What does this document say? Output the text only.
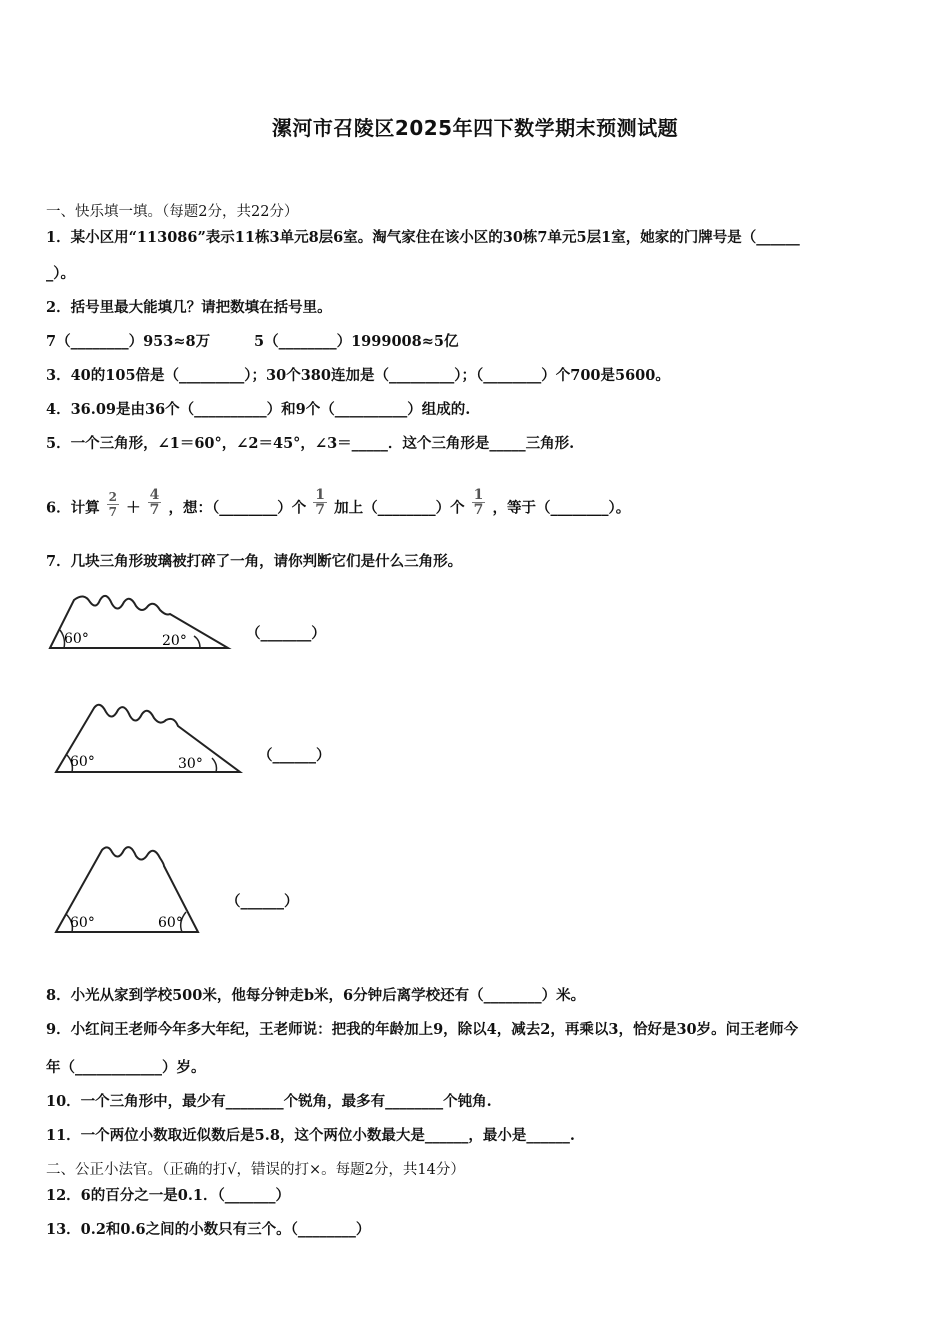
漯河市召陵区2025年四下数学期末预测试题
一、快乐填一填。（每题2分，共22分）
1．某小区用“113086”表示11栋3单元8层6室。淘气家住在该小区的30栋7单元5层1室，她家的门牌号是（______
_）。
2．括号里最大能填几？请把数填在括号里。
7（________）953≈8万	5（________）1999008≈5亿
3．40的105倍是（_________）；30个380连加是（_________）；（________）个700是5600。
4．36.09是由36个（__________）和9个（__________）组成的.
5．一个三角形，∠1＝60°，∠2＝45°，∠3＝_____．这个三角形是_____三角形.
6．计算 $\frac{2}{7} + \frac{4}{7}$ ，想：（________）个 $\frac{1}{7}$ 加上（________）个 $\frac{1}{7}$ ，等于（________）。
7．几块三角形玻璃被打碎了一角，请你判断它们是什么三角形。
60°	20°	（_______）
60°	30°	（______）
60°	60°
（______）
8．小光从家到学校500米，他每分钟走b米，6分钟后离学校还有（________）米。
9．小红问王老师今年多大年纪，王老师说：把我的年龄加上9，除以4，减去2，再乘以3，恰好是30岁。问王老师今
年（____________）岁。
10．一个三角形中，最少有________个锐角，最多有________个钝角.
11．一个两位小数取近似数后是5.8，这个两位小数最大是______，最小是______.
二、公正小法官。（正确的打√，错误的打×。每题2分，共14分）
12．6的百分之一是0.1．（_______）
13．0.2和0.6之间的小数只有三个。（________）
